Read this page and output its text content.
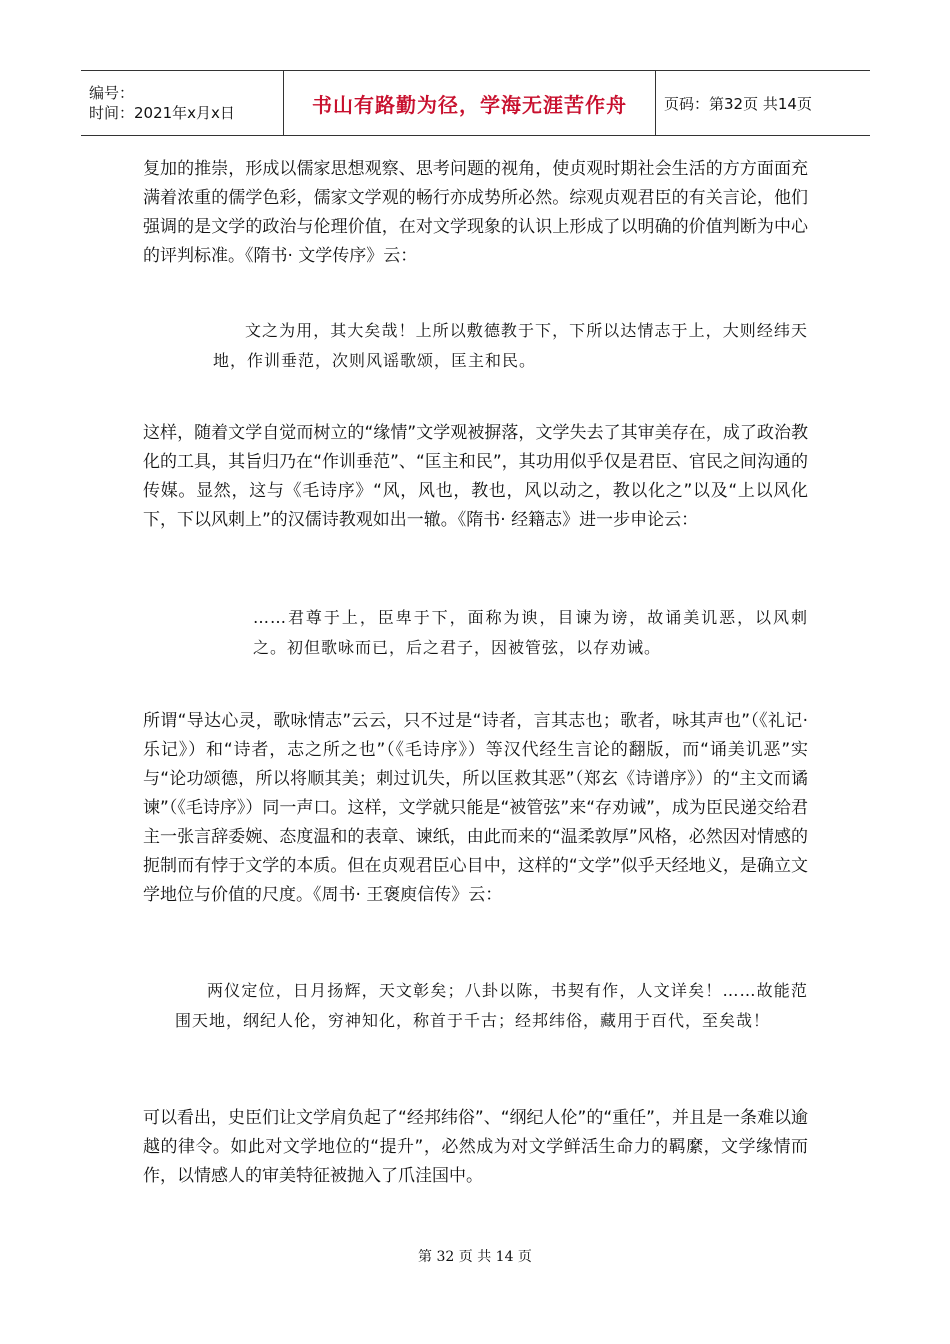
编号：
时间：2021年x月x日	书山有路勤为径，学海无涯苦作舟 页码：第32页 共14页

复加的推崇，形成以儒家思想观察、思考问题的视角，使贞观时期社会生活的方方面面充满着浓重的儒学色彩，儒家文学观的畅行亦成势所必然。综观贞观君臣的有关言论，他们强调的是文学的政治与伦理价值，在对文学现象的认识上形成了以明确的价值判断为中心的评判标准。《隋书· 文学传序》云：

文之为用，其大矣哉！上所以敷德教于下，下所以达情志于上，大则经纬天地，作训垂范，次则风谣歌颂，匡主和民。

这样，随着文学自觉而树立的“缘情”文学观被摒落，文学失去了其审美存在，成了政治教化的工具，其旨归乃在“作训垂范”、“匡主和民”，其功用似乎仅是君臣、官民之间沟通的传媒。显然，这与《毛诗序》“风，风也，教也，风以动之，教以化之”以及“上以风化下，下以风刺上”的汉儒诗教观如出一辙。《隋书· 经籍志》进一步申论云：

……君尊于上，臣卑于下，面称为谀，目谏为谤，故诵美讥恶，以风刺之。初但歌咏而已，后之君子，因被管弦，以存劝诫。

所谓“导达心灵，歌咏情志”云云，只不过是“诗者，言其志也；歌者，咏其声也”（《礼记· 乐记》）和“诗者，志之所之也”（《毛诗序》）等汉代经生言论的翻版，而“诵美讥恶”实与“论功颂德，所以将顺其美；刺过讥失，所以匡救其恶”（郑玄《诗谱序》）的“主文而谲谏”（《毛诗序》）同一声口。这样，文学就只能是“被管弦”来“存劝诫”，成为臣民递交给君主一张言辞委婉、态度温和的表章、谏纸，由此而来的“温柔敦厚”风格，必然因对情感的扼制而有悖于文学的本质。但在贞观君臣心目中，这样的“文学”似乎天经地义，是确立文学地位与价值的尺度。《周书· 王褒庾信传》云：

两仪定位，日月扬辉，天文彰矣；八卦以陈，书契有作，人文详矣！……故能范围天地，纲纪人伦，穷神知化，称首于千古；经邦纬俗，藏用于百代，至矣哉！

可以看出，史臣们让文学肩负起了“经邦纬俗”、“纲纪人伦”的“重任”，并且是一条难以逾越的律令。如此对文学地位的“提升”，必然成为对文学鲜活生命力的羁縻，文学缘情而作，以情感人的审美特征被抛入了爪洼国中。

第 32 页 共 14 页
